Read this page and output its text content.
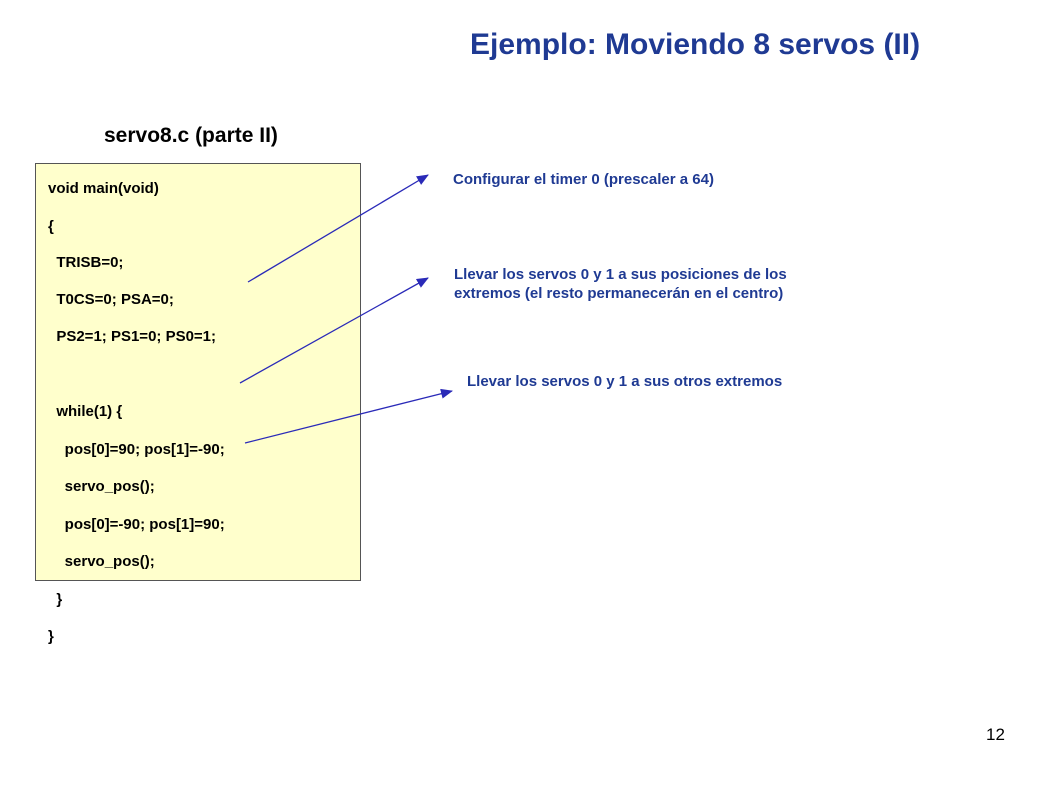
Ejemplo: Moviendo 8 servos (II)
servo8.c (parte II)
void main(void)
{
TRISB=0;
T0CS=0; PSA=0;
PS2=1; PS1=0; PS0=1;
while(1) {
pos[0]=90; pos[1]=-90;
servo_pos();
pos[0]=-90; pos[1]=90;
servo_pos();
}
}
Configurar el timer 0 (prescaler a 64)
Llevar los servos 0 y 1 a sus posiciones de los
extremos (el resto permanecerán en el centro)
Llevar los servos 0 y 1 a sus otros extremos
12
